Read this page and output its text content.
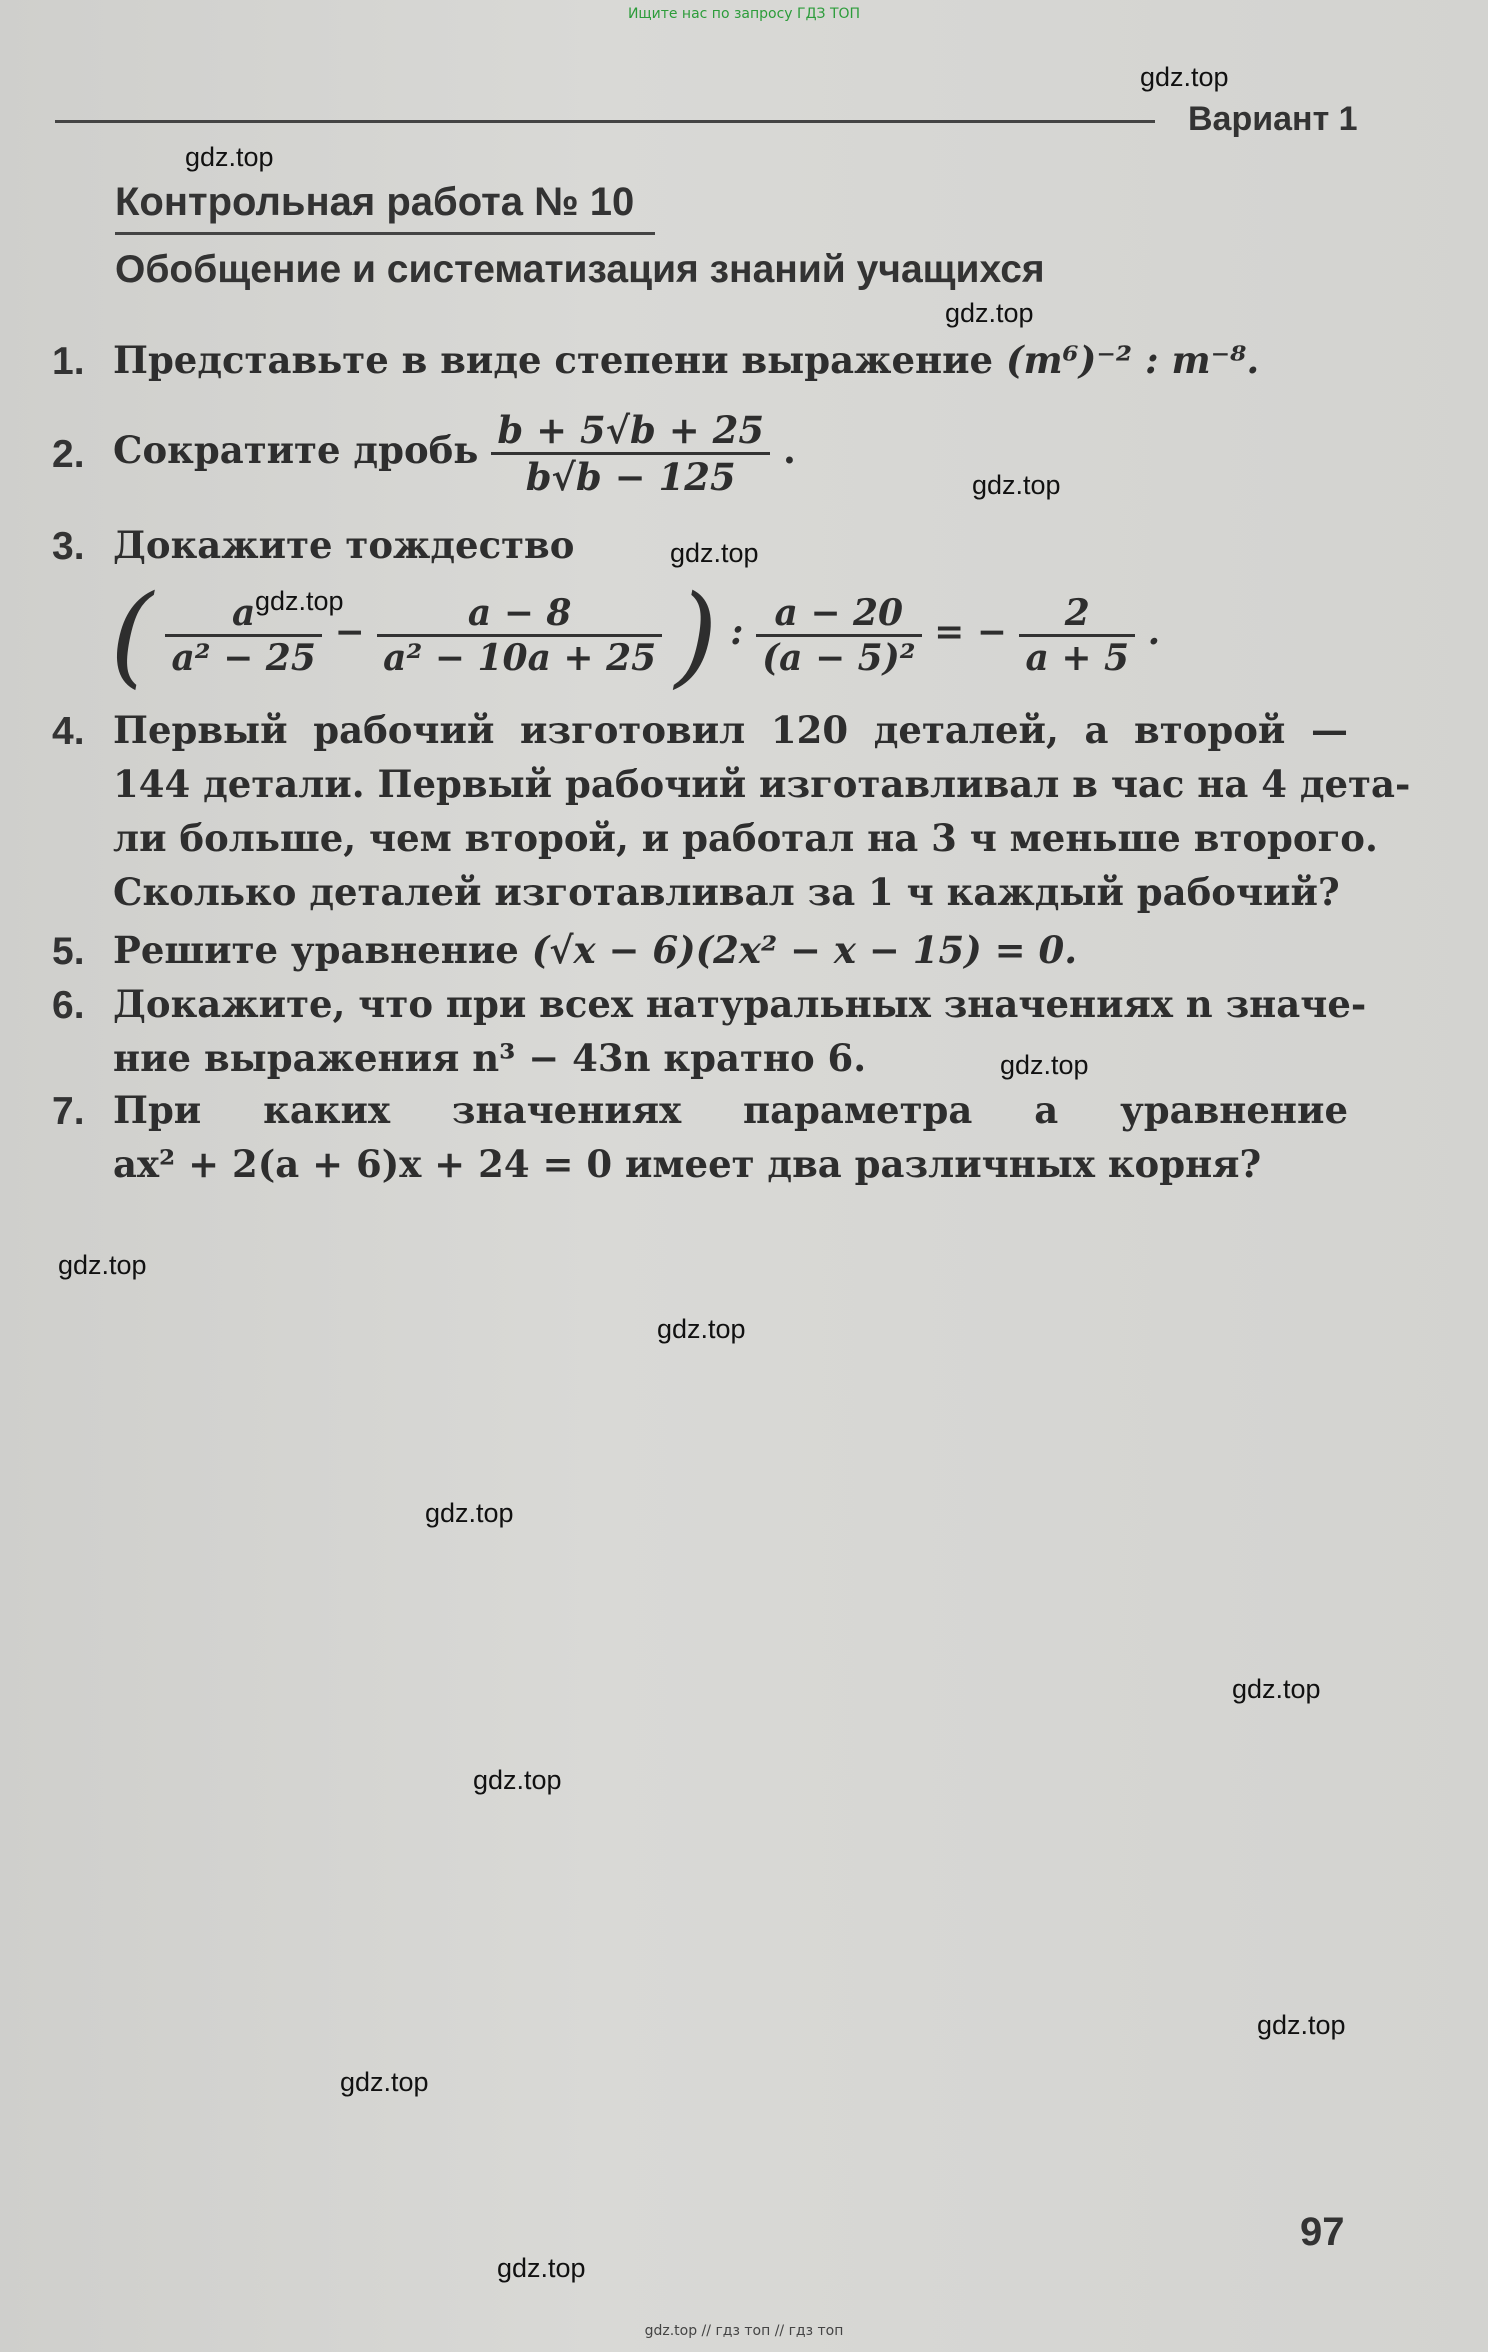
Ищите нас по запросу ГДЗ ТОП
Вариант 1
Контрольная работа № 10
Обобщение и систематизация знаний учащихся
1. Представьте в виде степени выражение (m⁶)⁻² : m⁻⁸.
2. Сократите дробь $\frac{b + 5√b + 25}{b√b - 125}$ .
3. Докажите тождество
( $\frac{a}{\text{a² − 25}} - \frac{a - 8}{\text{a² − 10a + 25}}$ ) : $\frac{a - 20}{\text{(a − 5)²}}$ = − $\frac{2}{a + 5}$ .
4. Первый рабочий изготовил 120 деталей, а второй —
144 детали. Первый рабочий изготавливал в час на 4 дета-
ли больше, чем второй, и работал на 3 ч меньше второго.
Сколько деталей изготавливал за 1 ч каждый рабочий?
5. Решите уравнение (√x − 6)(2x² − x − 15) = 0.
6. Докажите, что при всех натуральных значениях n значе-
ние выражения n³ − 43n кратно 6.
7. При каких значениях параметра a уравнение
ax² + 2(a + 6)x + 24 = 0 имеет два различных корня?
gdz.top
gdz.top
gdz.top
gdz.top
gdz.top
gdz.top
gdz.top
gdz.top
gdz.top
gdz.top
gdz.top
gdz.top
gdz.top
gdz.top
gdz.top
97
gdz.top // гдз топ // гдз топ
